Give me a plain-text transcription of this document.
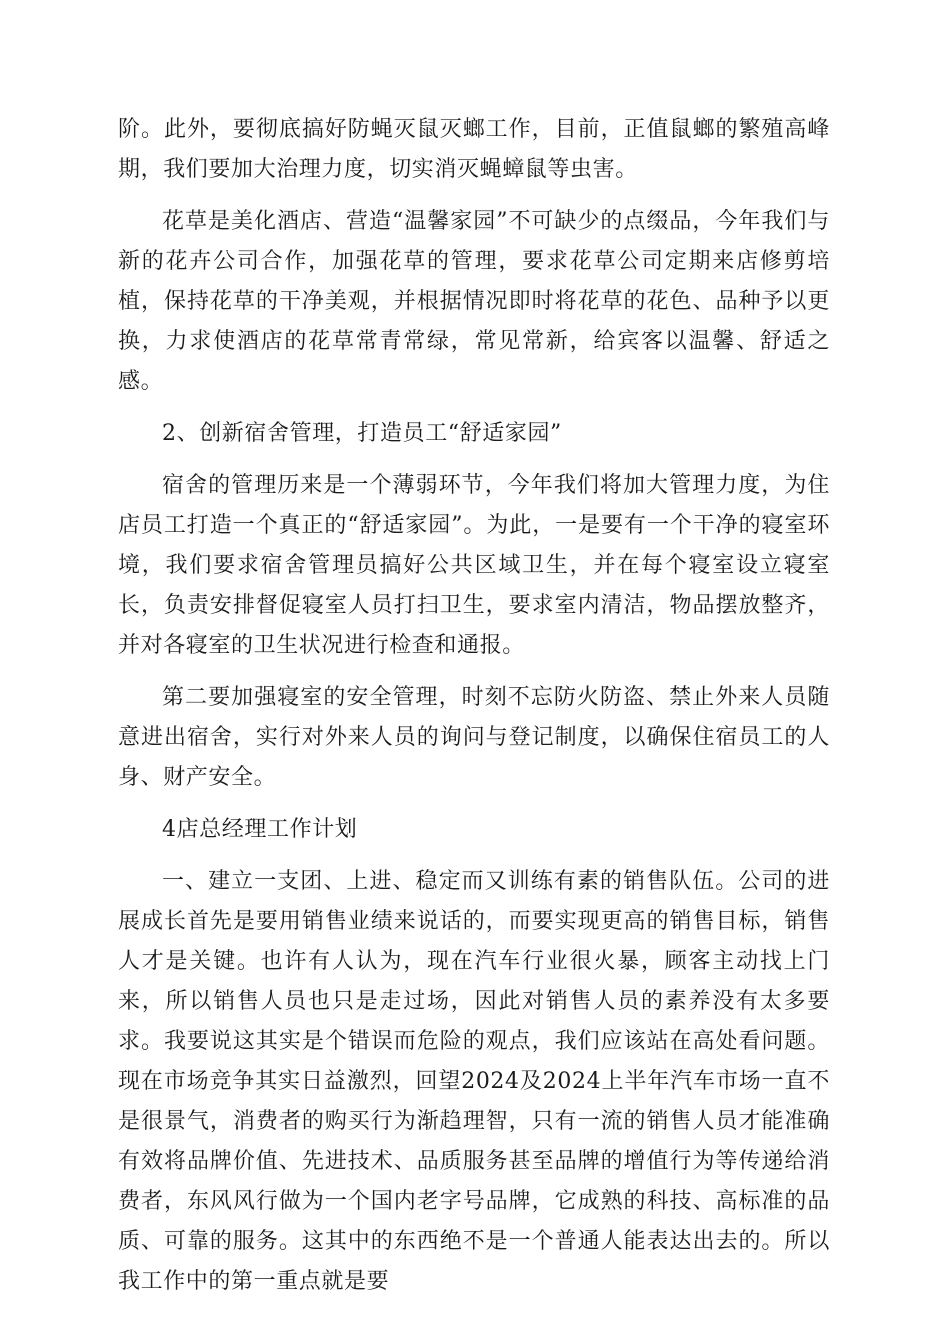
阶。此外，要彻底搞好防蝇灭鼠灭螂工作，目前，正值鼠螂的繁殖高峰期，我们要加大治理力度，切实消灭蝇蟑鼠等虫害。

花草是美化酒店、营造“温馨家园”不可缺少的点缀品，今年我们与新的花卉公司合作，加强花草的管理，要求花草公司定期来店修剪培植，保持花草的干净美观，并根据情况即时将花草的花色、品种予以更换，力求使酒店的花草常青常绿，常见常新，给宾客以温馨、舒适之感。

2、创新宿舍管理，打造员工“舒适家园”

宿舍的管理历来是一个薄弱环节，今年我们将加大管理力度，为住店员工打造一个真正的“舒适家园”。为此，一是要有一个干净的寝室环境，我们要求宿舍管理员搞好公共区域卫生，并在每个寝室设立寝室长，负责安排督促寝室人员打扫卫生，要求室内清洁，物品摆放整齐，并对各寝室的卫生状况进行检查和通报。

第二要加强寝室的安全管理，时刻不忘防火防盗、禁止外来人员随意进出宿舍，实行对外来人员的询问与登记制度，以确保住宿员工的人身、财产安全。

4店总经理工作计划

一、建立一支团、上进、稳定而又训练有素的销售队伍。公司的进展成长首先是要用销售业绩来说话的，而要实现更高的销售目标，销售人才是关键。也许有人认为，现在汽车行业很火暴，顾客主动找上门来，所以销售人员也只是走过场，因此对销售人员的素养没有太多要求。我要说这其实是个错误而危险的观点，我们应该站在高处看问题。现在市场竞争其实日益激烈，回望2024及2024上半年汽车市场一直不是很景气，消费者的购买行为渐趋理智，只有一流的销售人员才能准确有效将品牌价值、先进技术、品质服务甚至品牌的增值行为等传递给消费者，东风风行做为一个国内老字号品牌，它成熟的科技、高标准的品质、可靠的服务。这其中的东西绝不是一个普通人能表达出去的。所以我工作中的第一重点就是要
